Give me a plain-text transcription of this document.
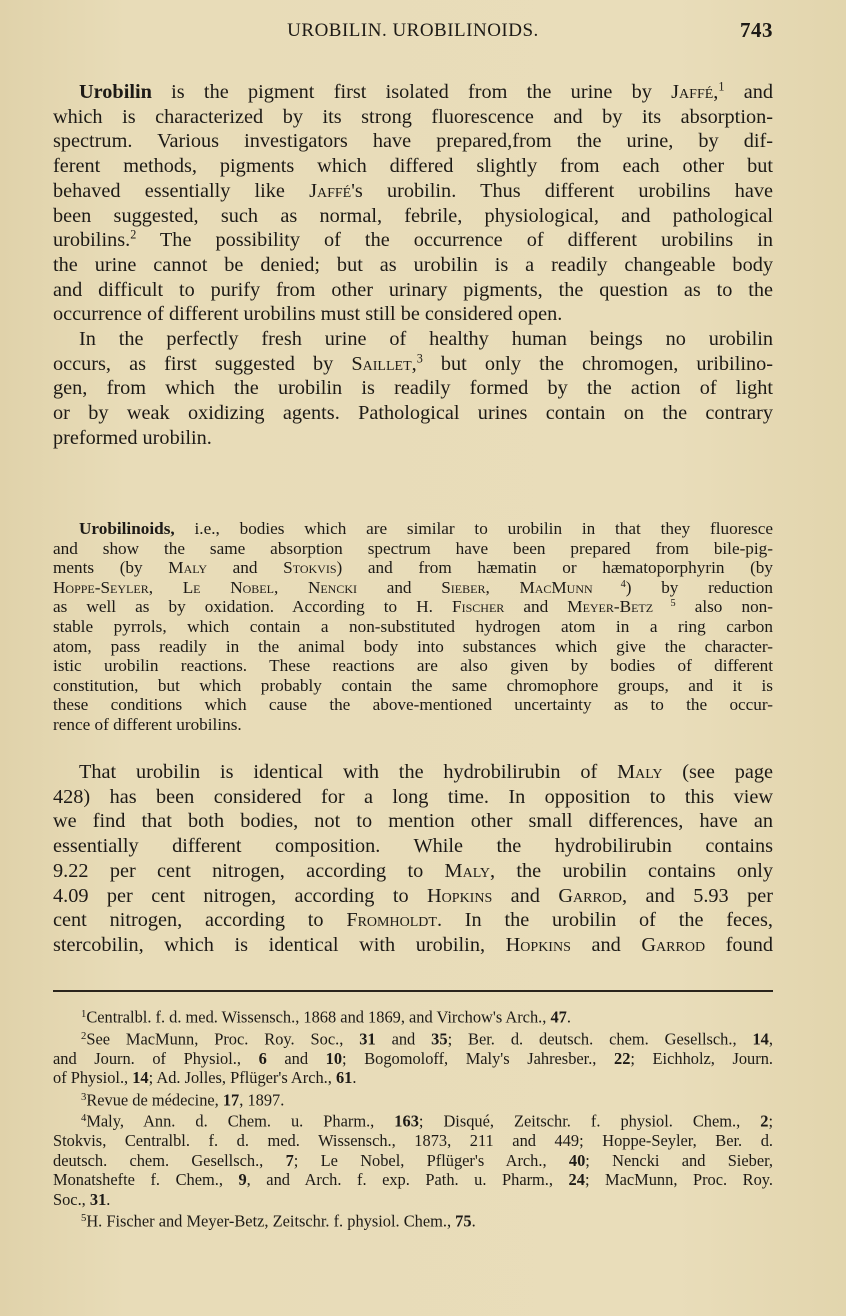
UROBILIN. UROBILINOIDS.	743
Urobilin is the pigment first isolated from the urine by Jaffé,$^1$ and
which is characterized by its strong fluorescence and by its absorption-
spectrum. Various investigators have prepared,from the urine, by dif-
ferent methods, pigments which differed slightly from each other but
behaved essentially like Jaffé's urobilin. Thus different urobilins have
been suggested, such as normal, febrile, physiological, and pathological
urobilins.$^2$ The possibility of the occurrence of different urobilins in
the urine cannot be denied; but as urobilin is a readily changeable body
and difficult to purify from other urinary pigments, the question as to the
occurrence of different urobilins must still be considered open.
In the perfectly fresh urine of healthy human beings no urobilin
occurs, as first suggested by Saillet,$^3$ but only the chromogen, uribilino-
gen, from which the urobilin is readily formed by the action of light
or by weak oxidizing agents. Pathological urines contain on the contrary
preformed urobilin.
Urobilinoids, i.e., bodies which are similar to urobilin in that they fluoresce
and show the same absorption spectrum have been prepared from bile-pig-
ments (by Maly and Stokvis) and from hæmatin or hæmatoporphyrin (by
Hoppe-Seyler, Le Nobel, Nencki and Sieber, MacMunn $^4$) by reduction
as well as by oxidation. According to H. Fischer and Meyer-Betz $^5$ also non-
stable pyrrols, which contain a non-substituted hydrogen atom in a ring carbon
atom, pass readily in the animal body into substances which give the character-
istic urobilin reactions. These reactions are also given by bodies of different
constitution, but which probably contain the same chromophore groups, and it is
these conditions which cause the above-mentioned uncertainty as to the occur-
rence of different urobilins.
That urobilin is identical with the hydrobilirubin of Maly (see page
428) has been considered for a long time. In opposition to this view
we find that both bodies, not to mention other small differences, have an
essentially different composition. While the hydrobilirubin contains
9.22 per cent nitrogen, according to Maly, the urobilin contains only
4.09 per cent nitrogen, according to Hopkins and Garrod, and 5.93 per
cent nitrogen, according to Fromholdt. In the urobilin of the feces,
stercobilin, which is identical with urobilin, Hopkins and Garrod found
$^1$Centralbl. f. d. med. Wissensch., 1868 and 1869, and Virchow's Arch., 47.
$^2$See MacMunn, Proc. Roy. Soc., 31 and 35; Ber. d. deutsch. chem. Gesellsch., 14,
and Journ. of Physiol., 6 and 10; Bogomoloff, Maly's Jahresber., 22; Eichholz, Journ.
of Physiol., 14; Ad. Jolles, Pflüger's Arch., 61.
$^3$Revue de médecine, 17, 1897.
$^4$Maly, Ann. d. Chem. u. Pharm., 163; Disqué, Zeitschr. f. physiol. Chem., 2;
Stokvis, Centralbl. f. d. med. Wissensch., 1873, 211 and 449; Hoppe-Seyler, Ber. d.
deutsch. chem. Gesellsch., 7; Le Nobel, Pflüger's Arch., 40; Nencki and Sieber,
Monatshefte f. Chem., 9, and Arch. f. exp. Path. u. Pharm., 24; MacMunn, Proc. Roy.
Soc., 31.
$^5$H. Fischer and Meyer-Betz, Zeitschr. f. physiol. Chem., 75.
